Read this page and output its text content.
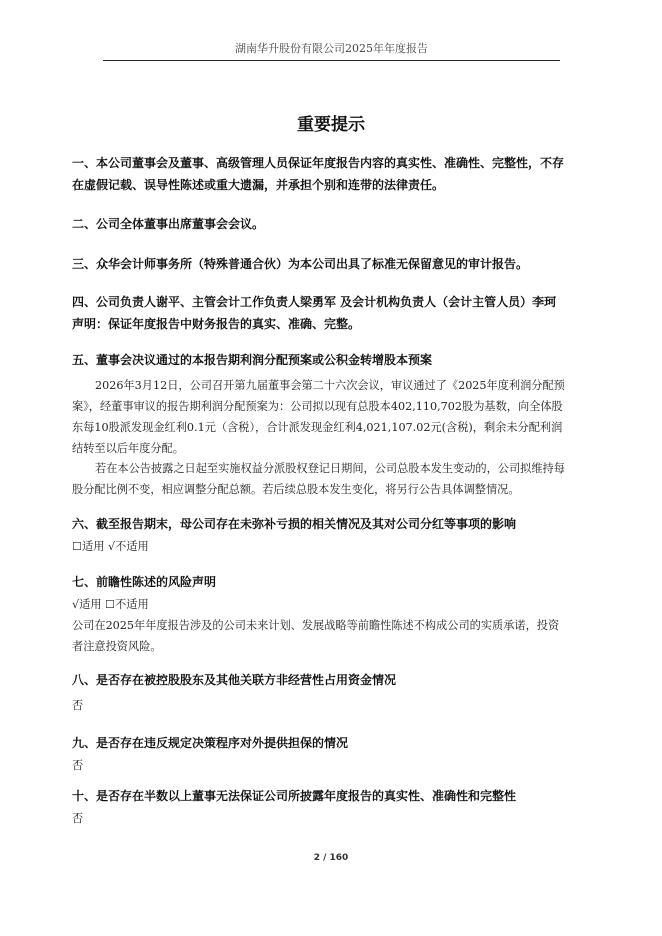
湖南华升股份有限公司2025年年度报告
重要提示
一、本公司董事会及董事、高级管理人员保证年度报告内容的真实性、准确性、完整性，不存在虚假记载、误导性陈述或重大遗漏，并承担个别和连带的法律责任。
二、公司全体董事出席董事会会议。
三、众华会计师事务所（特殊普通合伙）为本公司出具了标准无保留意见的审计报告。
四、公司负责人谢平、主管会计工作负责人梁勇军 及会计机构负责人（会计主管人员）李珂声明：保证年度报告中财务报告的真实、准确、完整。
五、董事会决议通过的本报告期利润分配预案或公积金转增股本预案
2026年3月12日，公司召开第九届董事会第二十六次会议，审议通过了《2025年度利润分配预案》，经董事审议的报告期利润分配预案为：公司拟以现有总股本402,110,702股为基数，向全体股东每10股派发现金红利0.1元（含税），合计派发现金红利4,021,107.02元(含税)，剩余未分配利润结转至以后年度分配。
若在本公告披露之日起至实施权益分派股权登记日期间，公司总股本发生变动的，公司拟维持每股分配比例不变，相应调整分配总额。若后续总股本发生变化，将另行公告具体调整情况。
六、截至报告期末，母公司存在未弥补亏损的相关情况及其对公司分红等事项的影响
☐适用 √不适用
七、前瞻性陈述的风险声明
√适用 ☐不适用
公司在2025年年度报告涉及的公司未来计划、发展战略等前瞻性陈述不构成公司的实质承诺，投资者注意投资风险。
八、是否存在被控股股东及其他关联方非经营性占用资金情况
否
九、是否存在违反规定决策程序对外提供担保的情况
否
十、是否存在半数以上董事无法保证公司所披露年度报告的真实性、准确性和完整性
否
2 / 160
